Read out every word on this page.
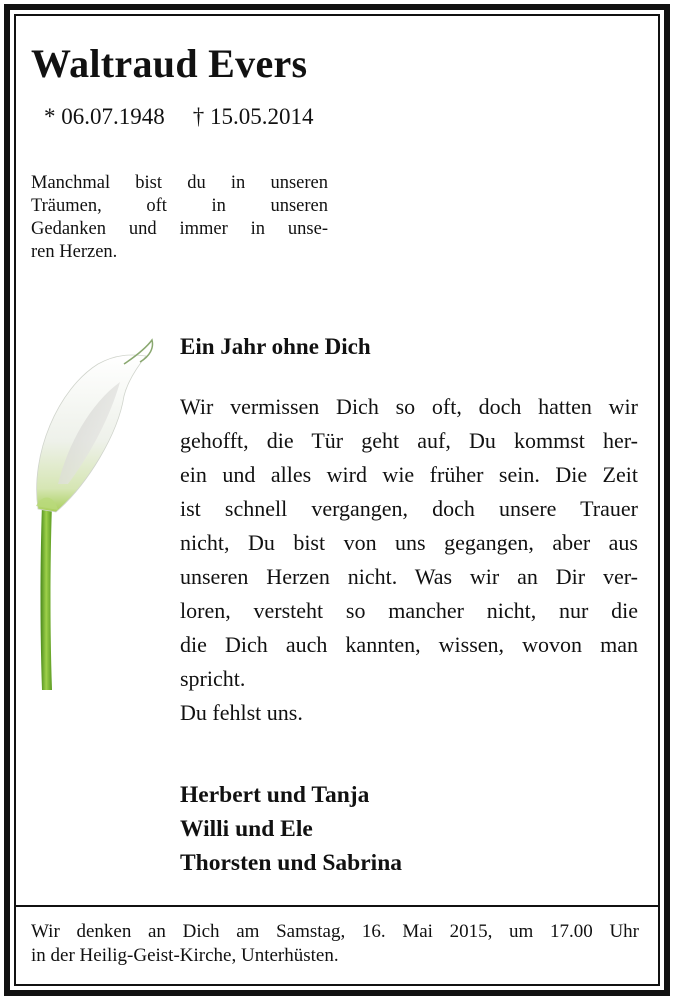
Waltraud Evers
* 06.07.1948 † 15.05.2014
Manchmal bist du in unseren
Träumen, oft in unseren
Gedanken und immer in unse-
ren Herzen.
Ein Jahr ohne Dich
Wir vermissen Dich so oft, doch hatten wir
gehofft, die Tür geht auf, Du kommst her-
ein und alles wird wie früher sein. Die Zeit
ist schnell vergangen, doch unsere Trauer
nicht, Du bist von uns gegangen, aber aus
unseren Herzen nicht. Was wir an Dir ver-
loren, versteht so mancher nicht, nur die
die Dich auch kannten, wissen, wovon man
spricht.
Du fehlst uns.
Herbert und Tanja
Willi und Ele
Thorsten und Sabrina
Wir denken an Dich am Samstag, 16. Mai 2015, um 17.00 Uhr
in der Heilig-Geist-Kirche, Unterhüsten.
